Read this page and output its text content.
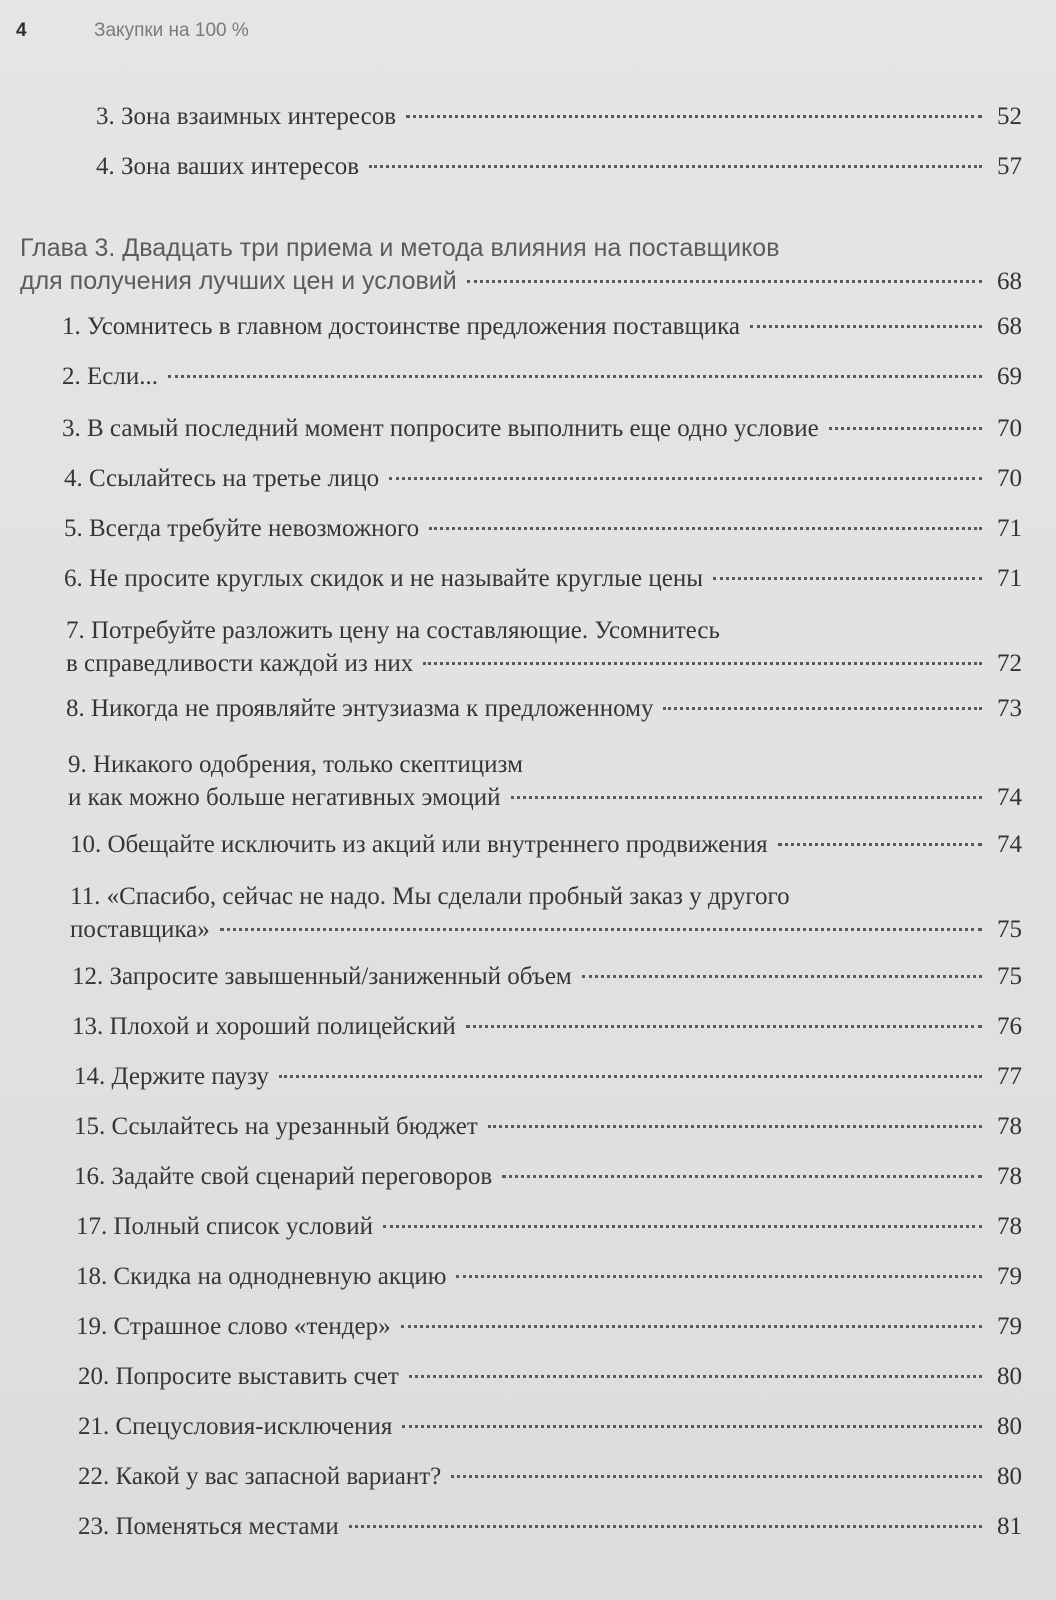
4	Закупки на 100 %
3. Зона взаимных интересов	52
4. Зона ваших интересов	57
Глава 3. Двадцать три приема и метода влияния на поставщиков
для получения лучших цен и условий	68
1. Усомнитесь в главном достоинстве предложения поставщика	68
2. Если...	69
3. В самый последний момент попросите выполнить еще одно условие	70
4. Ссылайтесь на третье лицо	70
5. Всегда требуйте невозможного	71
6. Не просите круглых скидок и не называйте круглые цены	71
7. Потребуйте разложить цену на составляющие. Усомнитесь
в справедливости каждой из них	72
8. Никогда не проявляйте энтузиазма к предложенному	73
9. Никакого одобрения, только скептицизм
и как можно больше негативных эмоций	74
10. Обещайте исключить из акций или внутреннего продвижения	74
11. «Спасибо, сейчас не надо. Мы сделали пробный заказ у другого
поставщика»	75
12. Запросите завышенный/заниженный объем	75
13. Плохой и хороший полицейский	76
14. Держите паузу	77
15. Ссылайтесь на урезанный бюджет	78
16. Задайте свой сценарий переговоров	78
17. Полный список условий	78
18. Скидка на однодневную акцию	79
19. Страшное слово «тендер»	79
20. Попросите выставить счет	80
21. Спецусловия-исключения	80
22. Какой у вас запасной вариант?	80
23. Поменяться местами	81
